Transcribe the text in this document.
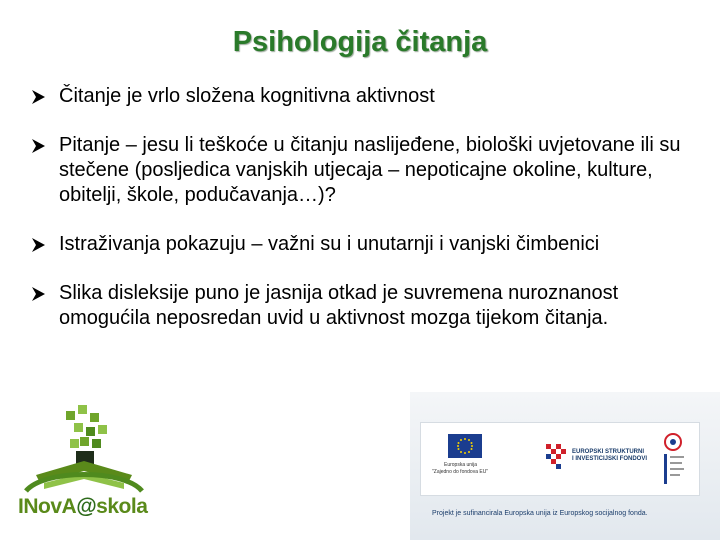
Psihologija čitanja
Čitanje je vrlo složena kognitivna aktivnost
Pitanje – jesu li teškoće u čitanju naslijeđene, biološki uvjetovane ili su stečene (posljedica vanjskih utjecaja – nepoticajne okoline, kulture, obitelji, škole, podučavanja…)?
Istraživanja pokazuju – važni su i unutarnji i vanjski čimbenici
Slika disleksije puno je jasnija otkad je suvremena nuroznanost omogućila neposredan uvid u aktivnost mozga tijekom čitanja.
Europska unija
"Zajedno do fondova EU"
EUROPSKI STRUKTURNI
I INVESTICIJSKI FONDOVI
Projekt je sufinancirala Europska unija iz Europskog socijalnog fonda.
INovA@skola
